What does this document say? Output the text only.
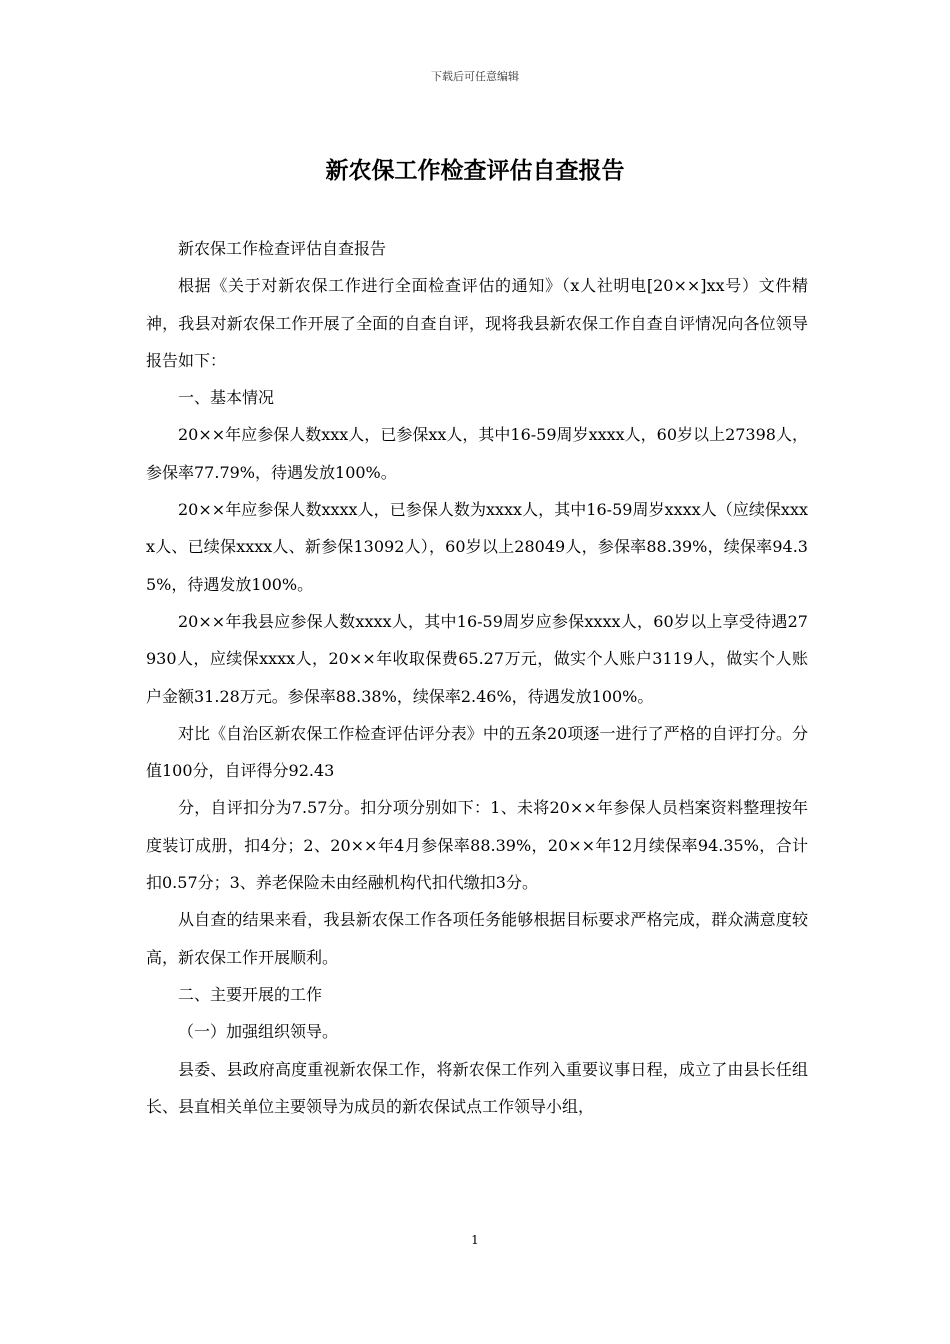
下载后可任意编辑
新农保工作检查评估自查报告

新农保工作检查评估自查报告

根据《关于对新农保工作进行全面检查评估的通知》（x人社明电[20××]xx号）文件精神，我县对新农保工作开展了全面的自查自评，现将我县新农保工作自查自评情况向各位领导报告如下：

一、基本情况

20××年应参保人数xxx人，已参保xx人，其中16-59周岁xxxx人，60岁以上27398人，参保率77.79%，待遇发放100%。

20××年应参保人数xxxx人，已参保人数为xxxx人，其中16-59周岁xxxx人（应续保xxxx人、已续保xxxx人、新参保13092人），60岁以上28049人，参保率88.39%，续保率94.35%，待遇发放100%。

20××年我县应参保人数xxxx人，其中16-59周岁应参保xxxx人，60岁以上享受待遇27930人，应续保xxxx人，20××年收取保费65.27万元，做实个人账户3119人，做实个人账户金额31.28万元。参保率88.38%，续保率2.46%，待遇发放100%。

对比《自治区新农保工作检查评估评分表》中的五条20项逐一进行了严格的自评打分。分值100分，自评得分92.43

分，自评扣分为7.57分。扣分项分别如下：1、未将20××年参保人员档案资料整理按年度装订成册，扣4分；2、20××年4月参保率88.39%，20××年12月续保率94.35%，合计扣0.57分；3、养老保险未由经融机构代扣代缴扣3分。

从自查的结果来看，我县新农保工作各项任务能够根据目标要求严格完成，群众满意度较高，新农保工作开展顺利。

二、主要开展的工作

（一）加强组织领导。

县委、县政府高度重视新农保工作，将新农保工作列入重要议事日程，成立了由县长任组长、县直相关单位主要领导为成员的新农保试点工作领导小组，

1
